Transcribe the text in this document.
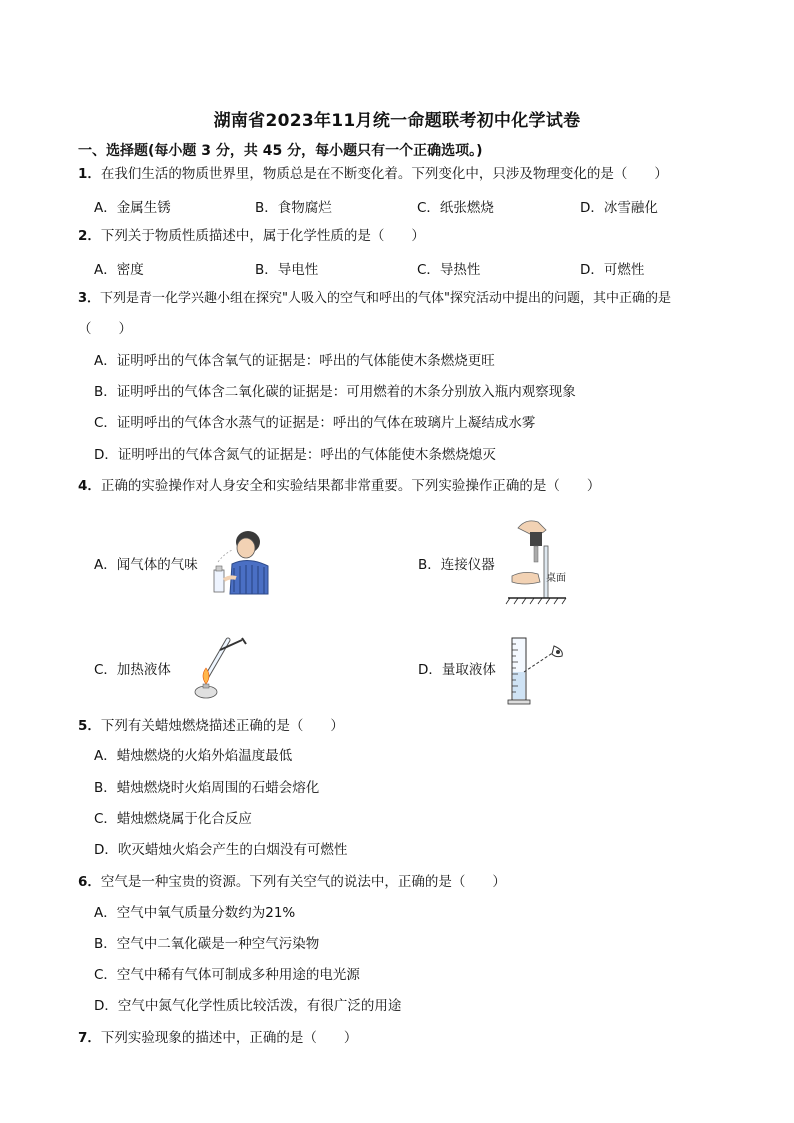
湖南省2023年11月统一命题联考初中化学试卷
一、选择题(每小题 3 分，共 45 分，每小题只有一个正确选项。)
1．在我们生活的物质世界里，物质总是在不断变化着。下列变化中，只涉及物理变化的是（　　）
A．金属生锈	B．食物腐烂	C．纸张燃烧	D．冰雪融化
2．下列关于物质性质描述中，属于化学性质的是（　　）
A．密度	B．导电性	C．导热性	D．可燃性
3．下列是青一化学兴趣小组在探究"人吸入的空气和呼出的气体"探究活动中提出的问题，其中正确的是
（　　）
A．证明呼出的气体含氧气的证据是：呼出的气体能使木条燃烧更旺
B．证明呼出的气体含二氧化碳的证据是：可用燃着的木条分别放入瓶内观察现象
C．证明呼出的气体含水蒸气的证据是：呼出的气体在玻璃片上凝结成水雾
D．证明呼出的气体含氮气的证据是：呼出的气体能使木条燃烧熄灭
4．正确的实验操作对人身安全和实验结果都非常重要。下列实验操作正确的是（　　）
A．闻气体的气味	B．连接仪器
桌面
C．加热液体	D．量取液体
5．下列有关蜡烛燃烧描述正确的是（　　）
A．蜡烛燃烧的火焰外焰温度最低
B．蜡烛燃烧时火焰周围的石蜡会熔化
C．蜡烛燃烧属于化合反应
D．吹灭蜡烛火焰会产生的白烟没有可燃性
6．空气是一种宝贵的资源。下列有关空气的说法中，正确的是（　　）
A．空气中氧气质量分数约为21%
B．空气中二氧化碳是一种空气污染物
C．空气中稀有气体可制成多种用途的电光源
D．空气中氮气化学性质比较活泼，有很广泛的用途
7．下列实验现象的描述中，正确的是（　　）
